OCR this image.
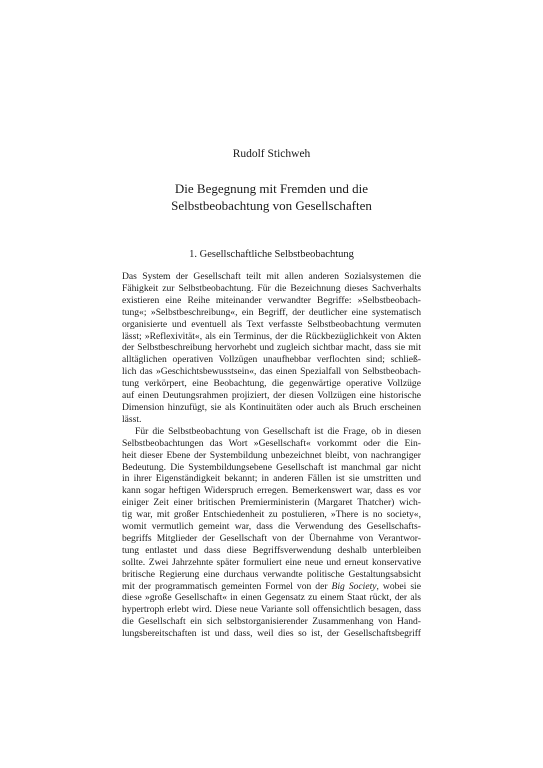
Rudolf Stichweh
Die Begegnung mit Fremden und die
Selbstbeobachtung von Gesellschaften
1. Gesellschaftliche Selbstbeobachtung
Das System der Gesellschaft teilt mit allen anderen Sozialsystemen die
Fähigkeit zur Selbstbeobachtung. Für die Bezeichnung dieses Sachverhalts
existieren eine Reihe miteinander verwandter Begriffe: »Selbstbeobach-
tung«; »Selbstbeschreibung«, ein Begriff, der deutlicher eine systematisch
organisierte und eventuell als Text verfasste Selbstbeobachtung vermuten
lässt; »Reflexivität«, als ein Terminus, der die Rückbezüglichkeit von Akten
der Selbstbeschreibung hervorhebt und zugleich sichtbar macht, dass sie mit
alltäglichen operativen Vollzügen unaufhebbar verflochten sind; schließ-
lich das »Geschichtsbewusstsein«, das einen Spezialfall von Selbstbeobach-
tung verkörpert, eine Beobachtung, die gegenwärtige operative Vollzüge
auf einen Deutungsrahmen projiziert, der diesen Vollzügen eine historische
Dimension hinzufügt, sie als Kontinuitäten oder auch als Bruch erscheinen
lässt.
Für die Selbstbeobachtung von Gesellschaft ist die Frage, ob in diesen
Selbstbeobachtungen das Wort »Gesellschaft« vorkommt oder die Ein-
heit dieser Ebene der Systembildung unbezeichnet bleibt, von nachrangiger
Bedeutung. Die Systembildungsebene Gesellschaft ist manchmal gar nicht
in ihrer Eigenständigkeit bekannt; in anderen Fällen ist sie umstritten und
kann sogar heftigen Widerspruch erregen. Bemerkenswert war, dass es vor
einiger Zeit einer britischen Premierministerin (Margaret Thatcher) wich-
tig war, mit großer Entschiedenheit zu postulieren, »There is no society«,
womit vermutlich gemeint war, dass die Verwendung des Gesellschafts-
begriffs Mitglieder der Gesellschaft von der Übernahme von Verantwor-
tung entlastet und dass diese Begriffsverwendung deshalb unterbleiben
sollte. Zwei Jahrzehnte später formuliert eine neue und erneut konservative
britische Regierung eine durchaus verwandte politische Gestaltungsabsicht
mit der programmatisch gemeinten Formel von der Big Society, wobei sie
diese »große Gesellschaft« in einen Gegensatz zu einem Staat rückt, der als
hypertroph erlebt wird. Diese neue Variante soll offensichtlich besagen, dass
die Gesellschaft ein sich selbstorganisierender Zusammenhang von Hand-
lungsbereitschaften ist und dass, weil dies so ist, der Gesellschaftsbegriff
